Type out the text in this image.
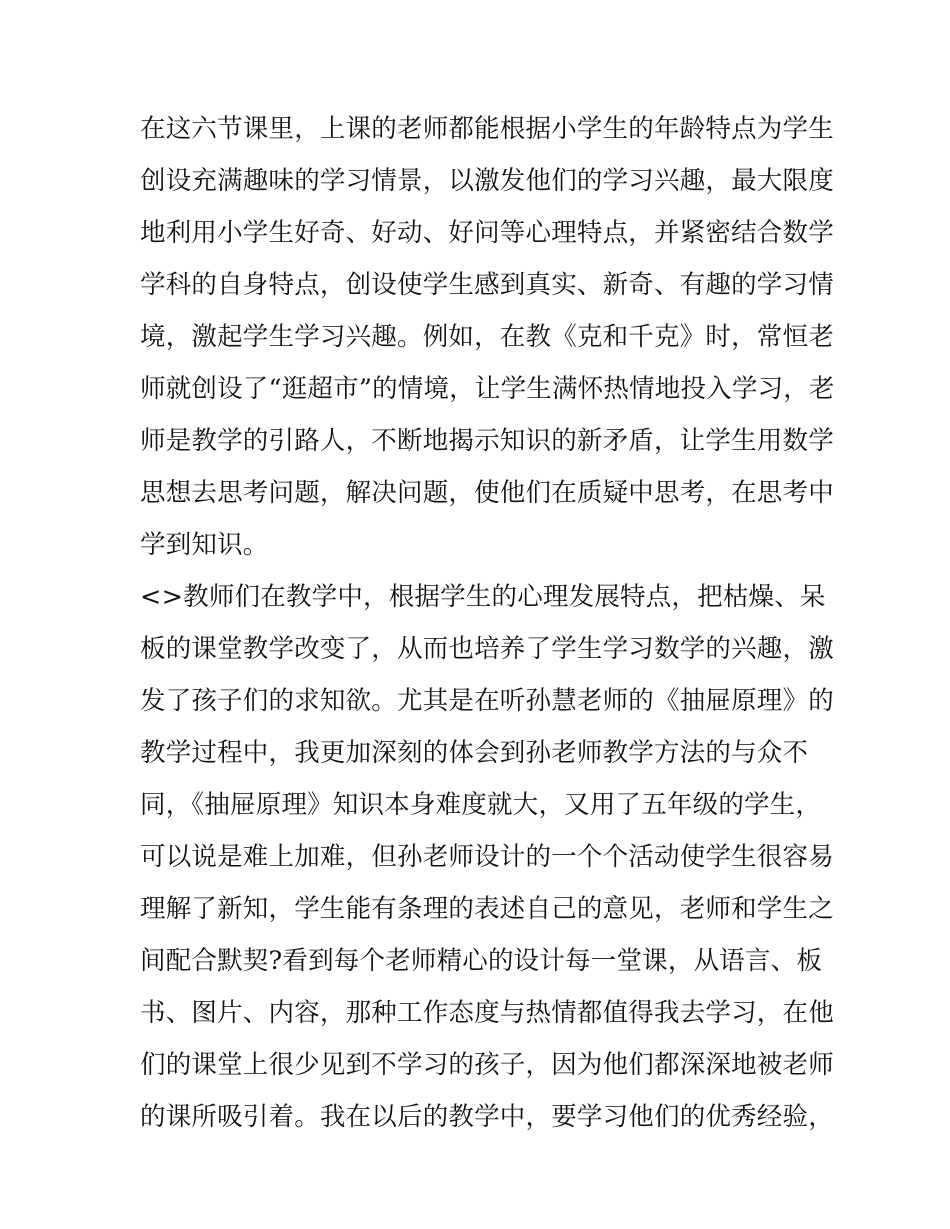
在这六节课里，上课的老师都能根据小学生的年龄特点为学生
创设充满趣味的学习情景，以激发他们的学习兴趣，最大限度
地利用小学生好奇、好动、好问等心理特点，并紧密结合数学
学科的自身特点，创设使学生感到真实、新奇、有趣的学习情
境，激起学生学习兴趣。例如，在教《克和千克》时，常恒老
师就创设了“逛超市”的情境，让学生满怀热情地投入学习，老
师是教学的引路人，不断地揭示知识的新矛盾，让学生用数学
思想去思考问题，解决问题，使他们在质疑中思考，在思考中
学到知识。
<>教师们在教学中，根据学生的心理发展特点，把枯燥、呆
板的课堂教学改变了，从而也培养了学生学习数学的兴趣，激
发了孩子们的求知欲。尤其是在听孙慧老师的《抽屉原理》的
教学过程中，我更加深刻的体会到孙老师教学方法的与众不
同，《抽屉原理》知识本身难度就大，又用了五年级的学生，
可以说是难上加难，但孙老师设计的一个个活动使学生很容易
理解了新知，学生能有条理的表述自己的意见，老师和学生之
间配合默契?看到每个老师精心的设计每一堂课，从语言、板
书、图片、内容，那种工作态度与热情都值得我去学习，在他
们的课堂上很少见到不学习的孩子，因为他们都深深地被老师
的课所吸引着。我在以后的教学中，要学习他们的优秀经验，
